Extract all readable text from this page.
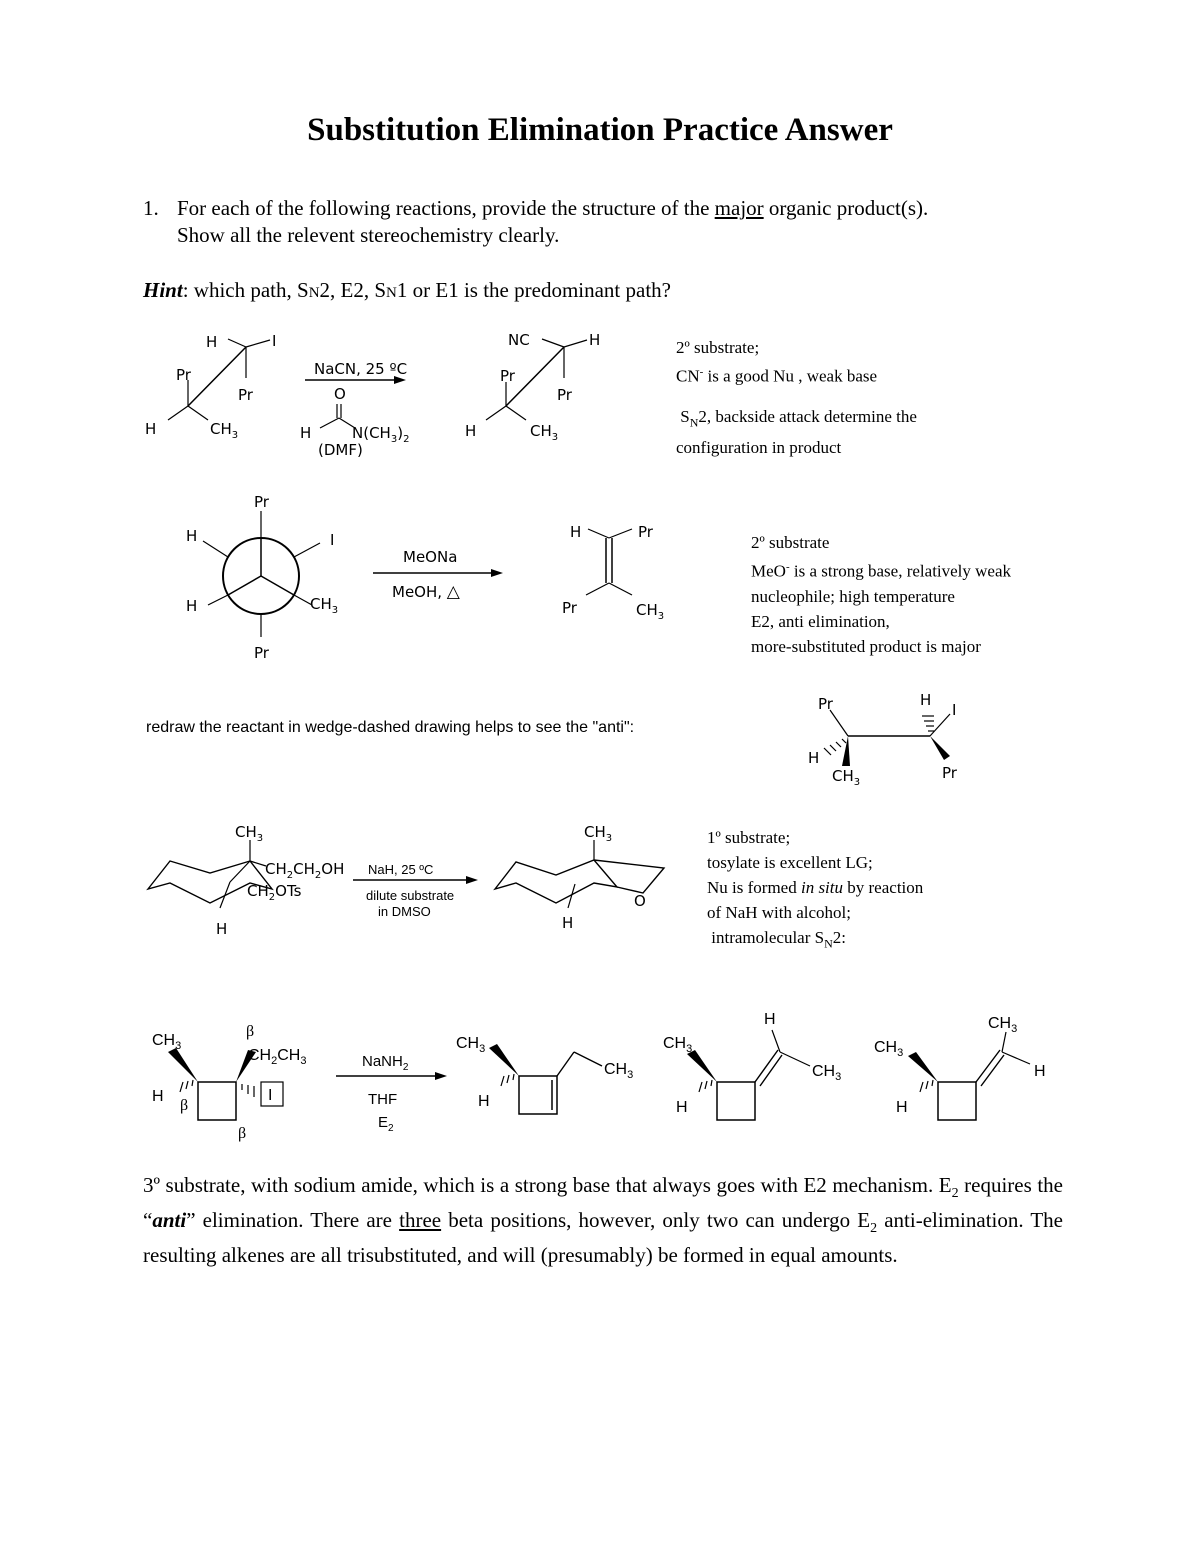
Substitution Elimination Practice Answer
1. For each of the following reactions, provide the structure of the major organic product(s).
Show all the relevent stereochemistry clearly.
Hint: which path, SN2, E2, SN1 or E1 is the predominant path?
H	I
Pr
Pr
H	$CH_3$
NaCN, 25 ºC
O
H	$N(CH_3)_2$
(DMF)
NC	H
Pr
Pr
H	$CH_3$
2º substrate;
CN- is a good Nu , weak base
$S_N2$, backside attack determine the
configuration in product
Pr
H	I
H	$CH_3$
Pr
MeONa
MeOH, △
H	Pr
Pr	$CH_3$
2º substrate
MeO- is a strong base, relatively weak
nucleophile; high temperature
E2, anti elimination,
more-substituted product is major
redraw the reactant in wedge-dashed drawing helps to see the "anti":
Pr	H
I
H
$CH_3$
Pr
$CH_3$
$CH_2CH_2OH$
$CH_2OTs$
H
NaH, 25 ºC
dilute substrate
in DMSO
$CH_3$
O
H
1º substrate;
tosylate is excellent LG;
Nu is formed in situ by reaction
of NaH with alcohol;
intramolecular $S_N2$:
$CH_3$
β
$CH_2CH_3$
H
β
I
β
NaNH$_2$
THF
$E_2$
$CH_3$
H
$CH_3$
$CH_3$
H
H
$CH_3$
$CH_3$
H
$CH_3$
H
3º substrate, with sodium amide, which is a strong base that always goes with E2 mechanism. $E_2$ requires the “anti” elimination. There are three beta positions, however, only two can undergo $E_2$ anti-elimination. The resulting alkenes are all trisubstituted, and will (presumably) be formed in equal amounts.
